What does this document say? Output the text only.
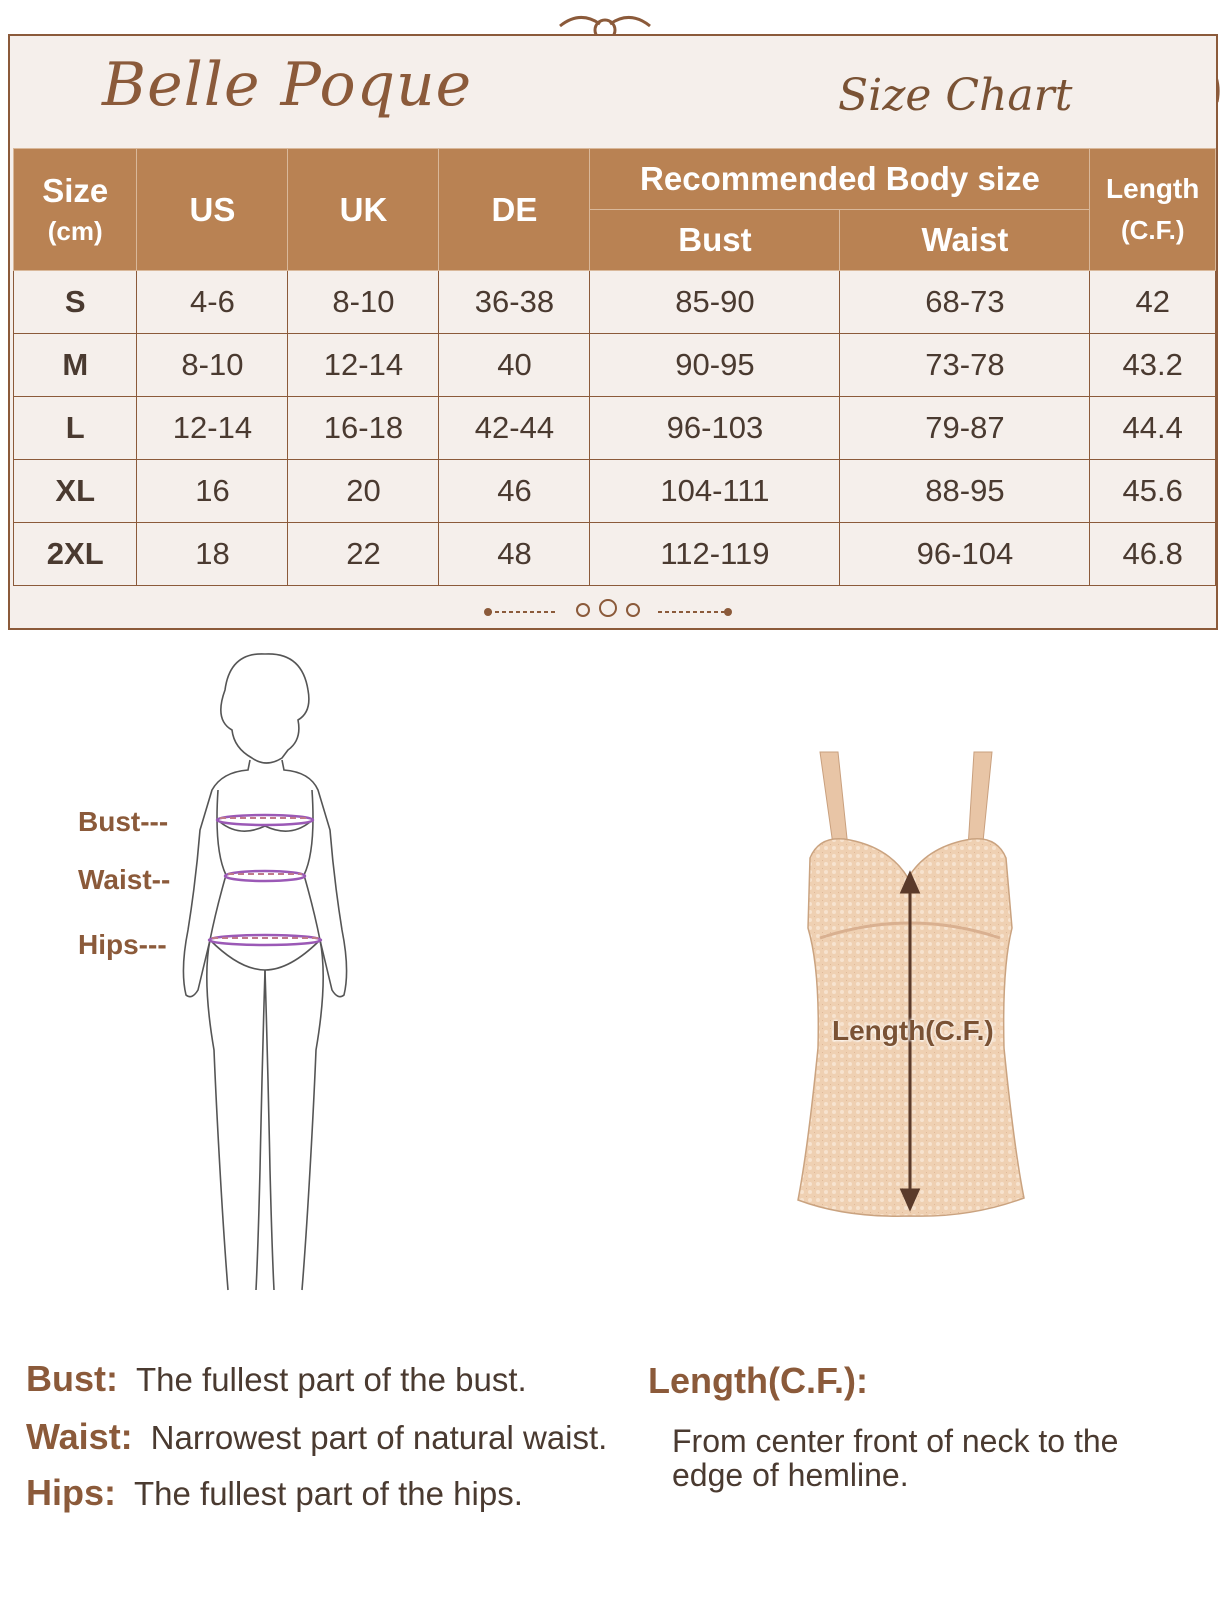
Belle Poque	Size Chart
Size
(cm)	US	UK	DE	Recommended Body size		Length
(C.F.)

				Bust	Waist	
S	4-6	8-10	36-38	85-90	68-73	42
M	8-10	12-14	40	90-95	73-78	43.2
L	12-14	16-18	42-44	96-103	79-87	44.4
XL	16	20	46	104-111	88-95	45.6
2XL	18	22	48	112-119	96-104	46.8
Bust---
Waist--
Hips---
Length(C.F.)
Bust: The fullest part of the bust.
Waist: Narrowest part of natural waist.
Hips: The fullest part of the hips.
Length(C.F.):
From center front of neck to the edge of hemline.
